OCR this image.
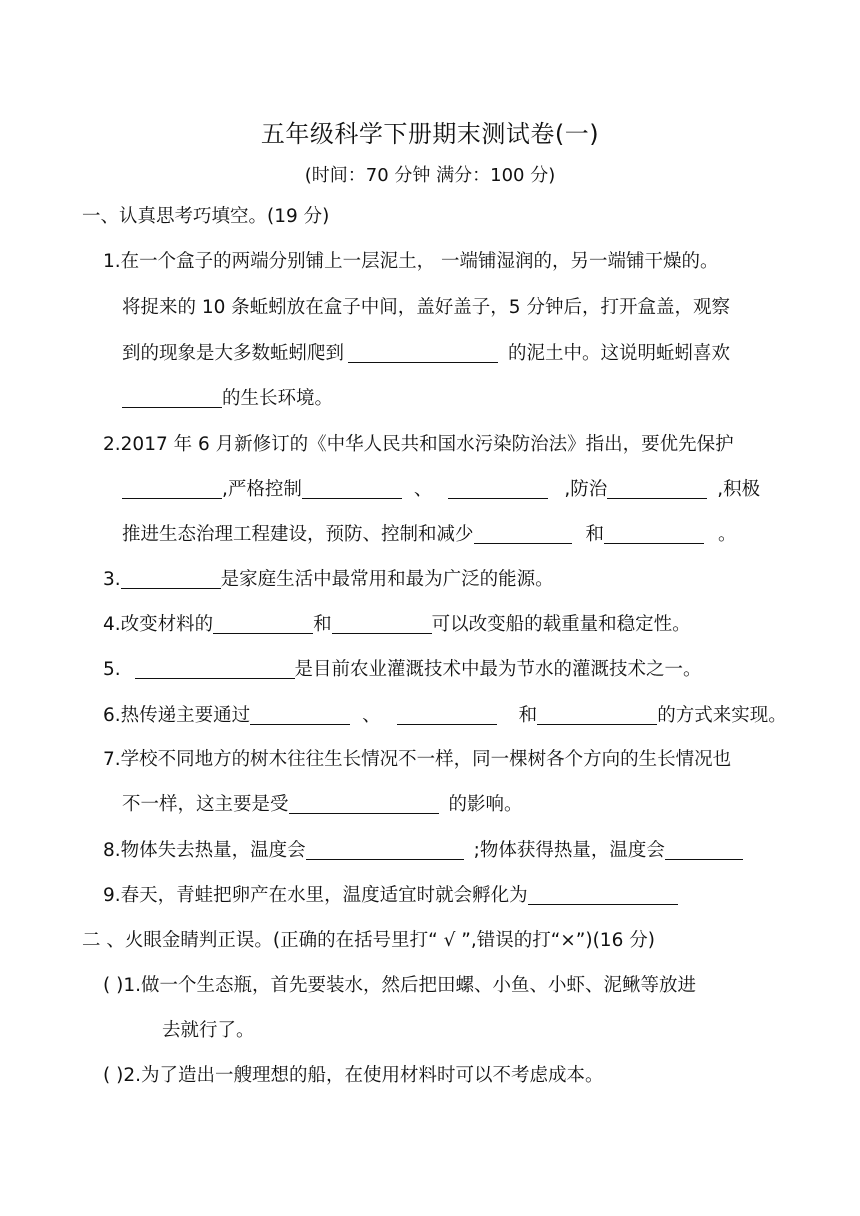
五年级科学下册期末测试卷(一)
(时间：70 分钟 满分：100 分)
一、认真思考巧填空。(19 分)
1.在一个盒子的两端分别铺上一层泥土， 一端铺湿润的，另一端铺干燥的。
将捉来的 10 条蚯蚓放在盒子中间，盖好盖子，5 分钟后，打开盒盖，观察
到的现象是大多数蚯蚓爬到	的泥土中。这说明蚯蚓喜欢
的生长环境。
2.2017 年 6 月新修订的《中华人民共和国水污染防治法》指出，要优先保护
,严格控制	、	,防治	,积极
推进生态治理工程建设，预防、控制和减少	和	。
3.	是家庭生活中最常用和最为广泛的能源。
4.改变材料的	和	可以改变船的载重量和稳定性。
5.	是目前农业灌溉技术中最为节水的灌溉技术之一。
6.热传递主要通过	、	和	的方式来实现。
7.学校不同地方的树木往往生长情况不一样，同一棵树各个方向的生长情况也
不一样，这主要是受	的影响。
8.物体失去热量，温度会	;物体获得热量，温度会
9.春天，青蛙把卵产在水里，温度适宜时就会孵化为
二 、火眼金睛判正误。(正确的在括号里打“ √ ”,错误的打“×”)(16 分)
( )1.做一个生态瓶，首先要装水，然后把田螺、小鱼、小虾、泥鳅等放进
去就行了。
( )2.为了造出一艘理想的船，在使用材料时可以不考虑成本。
